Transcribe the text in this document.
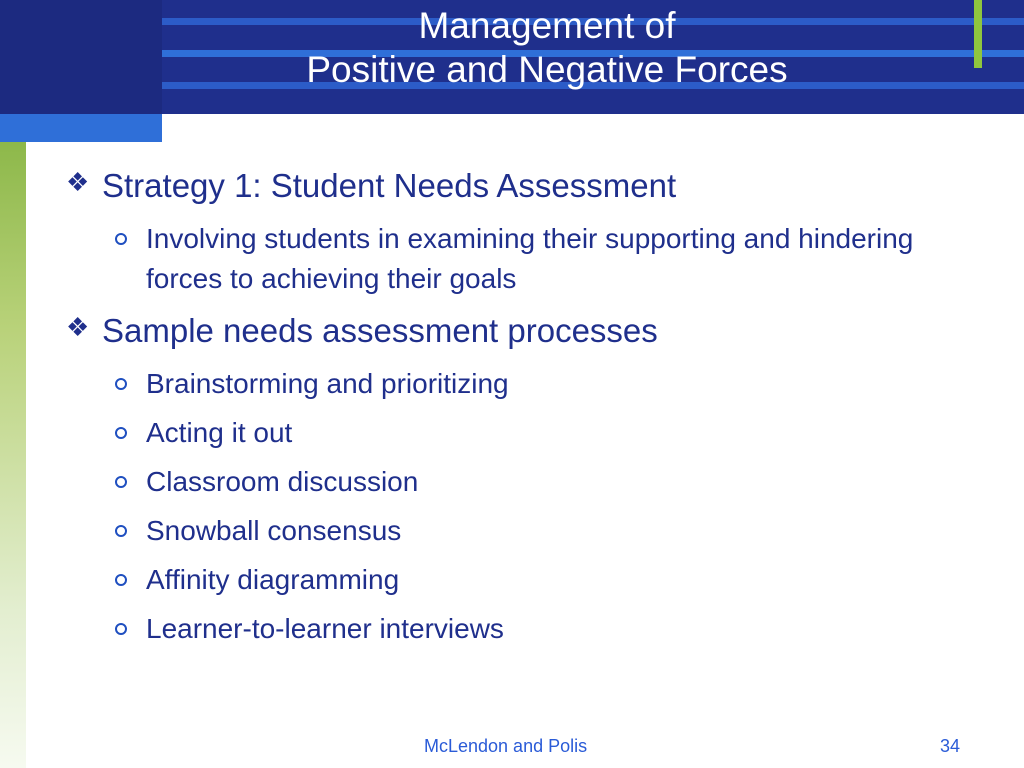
Management of
Positive and Negative Forces
❖ Strategy 1: Student Needs Assessment
Involving students in examining their supporting and hindering forces to achieving their goals
❖ Sample needs assessment processes
Brainstorming and prioritizing
Acting it out
Classroom discussion
Snowball consensus
Affinity diagramming
Learner-to-learner interviews
McLendon and Polis	34
